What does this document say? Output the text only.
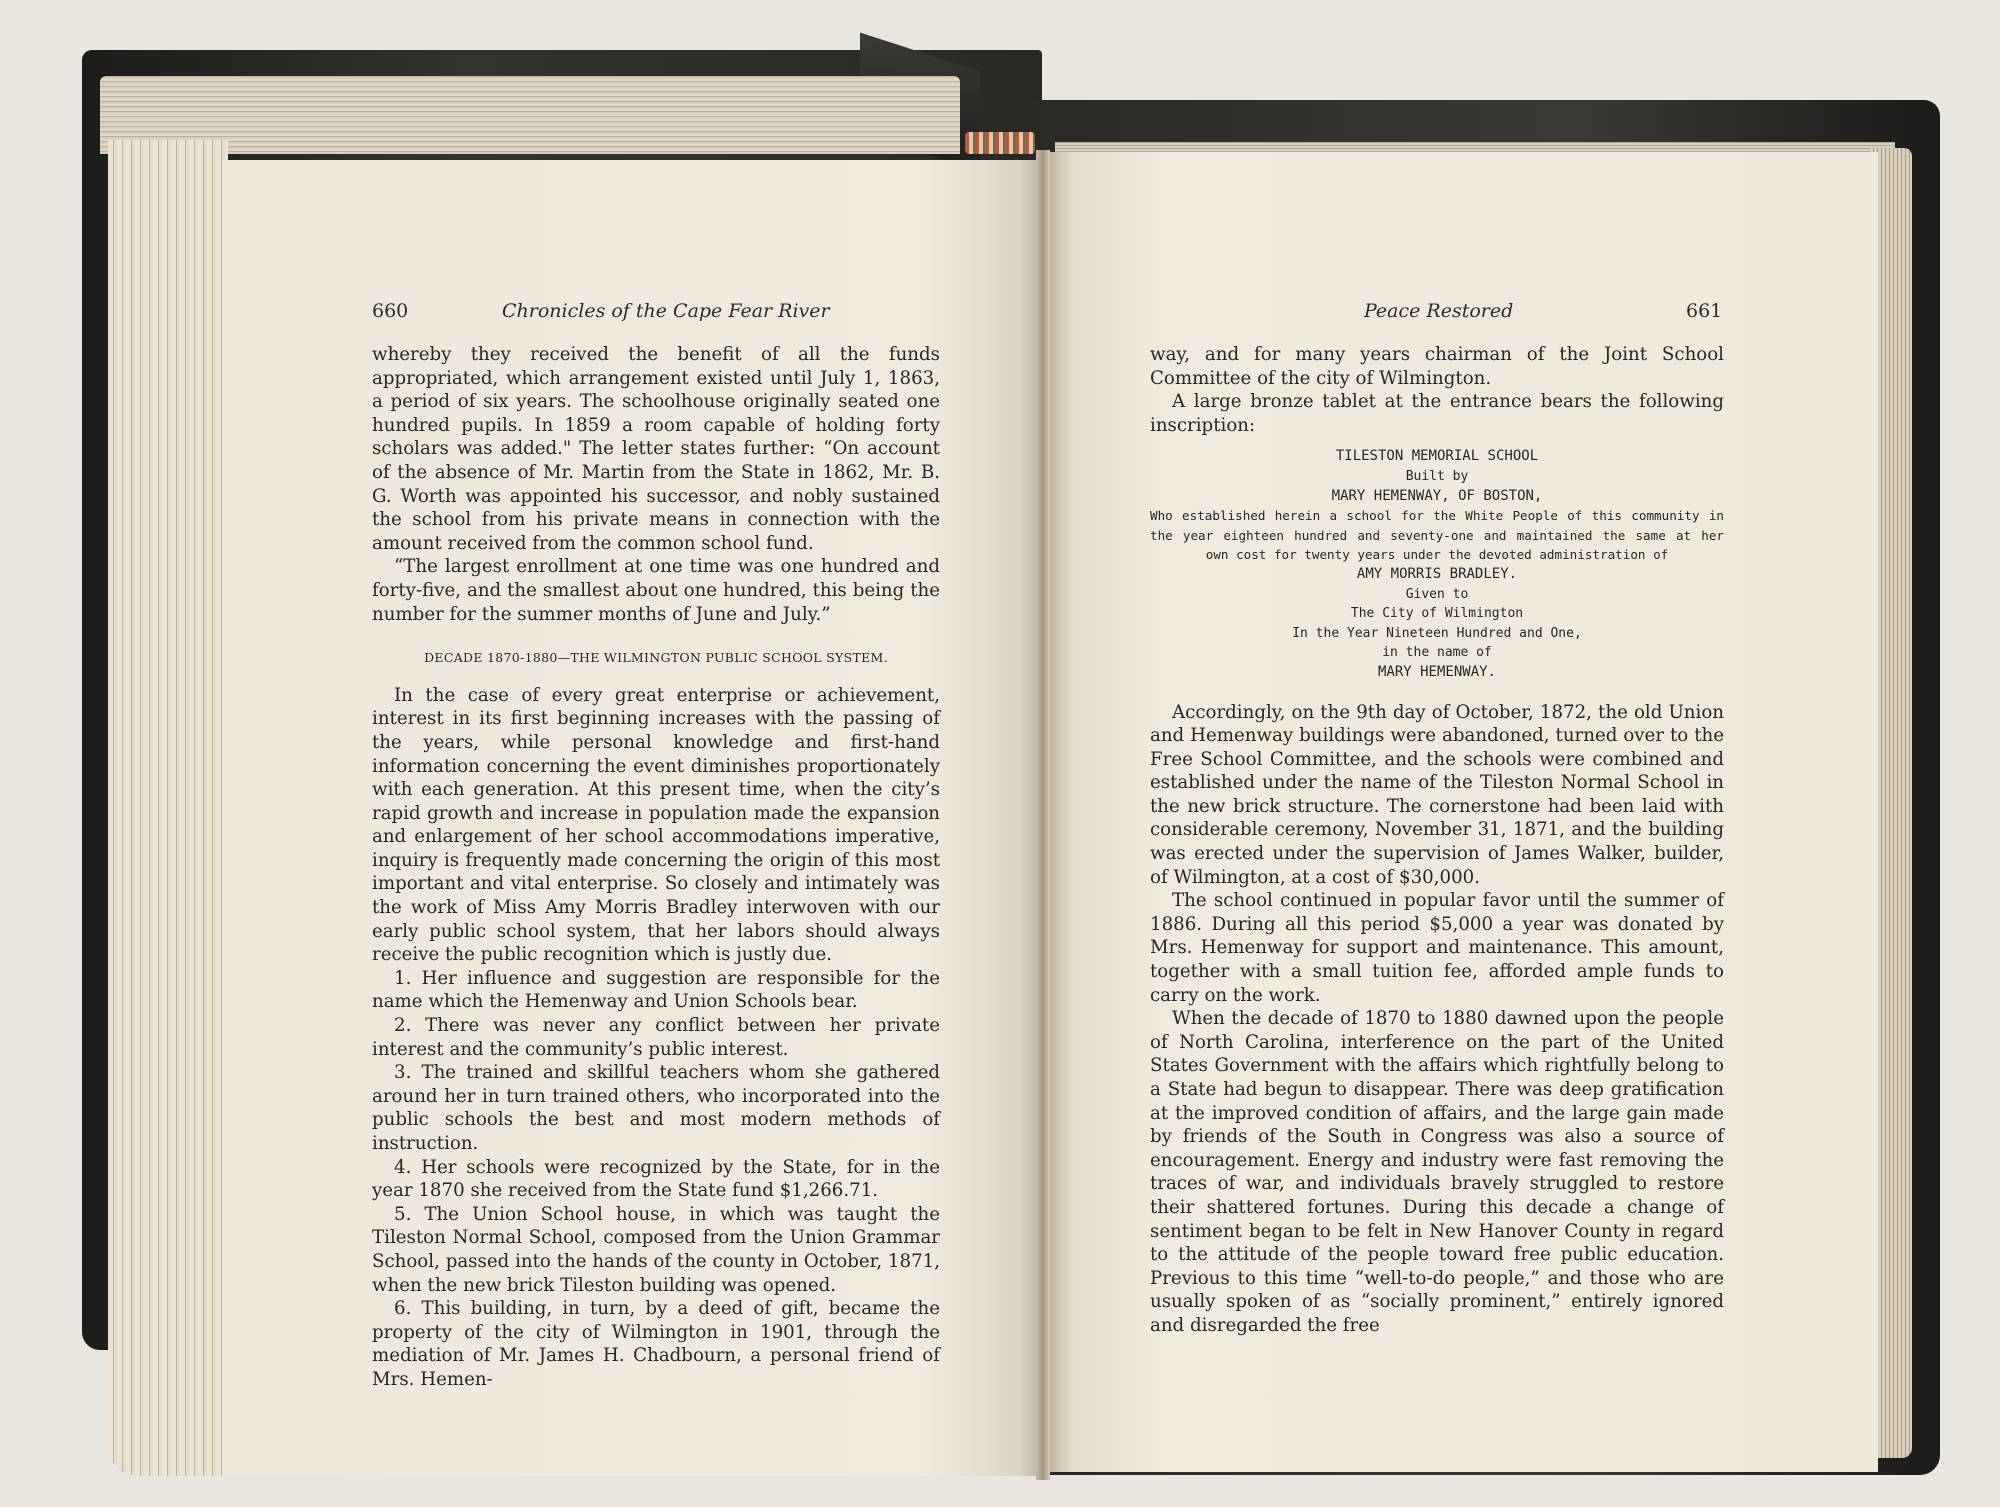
660	Chronicles of the Cape Fear River	Peace Restored	661

whereby they received the benefit of all the funds appropriated, which arrangement existed until July 1, 1863, a period of six years. The schoolhouse originally seated one hundred pupils. In 1859 a room capable of holding forty scholars was added." The letter states further: “On account of the absence of Mr. Martin from the State in 1862, Mr. B. G. Worth was appointed his successor, and nobly sustained the school from his private means in connection with the amount received from the common school fund.

“The largest enrollment at one time was one hundred and forty-five, and the smallest about one hundred, this being the number for the summer months of June and July.”

DECADE 1870-1880—THE WILMINGTON PUBLIC SCHOOL SYSTEM.

In the case of every great enterprise or achievement, interest in its first beginning increases with the passing of the years, while personal knowledge and first-hand information concerning the event diminishes proportionately with each generation. At this present time, when the city’s rapid growth and increase in population made the expansion and enlargement of her school accommodations imperative, inquiry is frequently made concerning the origin of this most important and vital enterprise. So closely and intimately was the work of Miss Amy Morris Bradley interwoven with our early public school system, that her labors should always receive the public recognition which is justly due.

1. Her influence and suggestion are responsible for the name which the Hemenway and Union Schools bear.

2. There was never any conflict between her private interest and the community’s public interest.

3. The trained and skillful teachers whom she gathered around her in turn trained others, who incorporated into the public schools the best and most modern methods of instruction.

4. Her schools were recognized by the State, for in the year 1870 she received from the State fund $1,266.71.

5. The Union School house, in which was taught the Tileston Normal School, composed from the Union Grammar School, passed into the hands of the county in October, 1871, when the new brick Tileston building was opened.

6. This building, in turn, by a deed of gift, became the property of the city of Wilmington in 1901, through the mediation of Mr. James H. Chadbourn, a personal friend of Mrs. Hemen-

way, and for many years chairman of the Joint School Committee of the city of Wilmington.

A large bronze tablet at the entrance bears the following inscription:

TILESTON MEMORIAL SCHOOL
Built by
MARY HEMENWAY, OF BOSTON,
Who established herein a school for the White People of this community in the year eighteen hundred and seventy-one and maintained the same at her own cost for twenty years under the devoted administration of
AMY MORRIS BRADLEY.
Given to
The City of Wilmington
In the Year Nineteen Hundred and One,
in the name of
MARY HEMENWAY.

Accordingly, on the 9th day of October, 1872, the old Union and Hemenway buildings were abandoned, turned over to the Free School Committee, and the schools were combined and established under the name of the Tileston Normal School in the new brick structure. The cornerstone had been laid with considerable ceremony, November 31, 1871, and the building was erected under the supervision of James Walker, builder, of Wilmington, at a cost of $30,000.

The school continued in popular favor until the summer of 1886. During all this period $5,000 a year was donated by Mrs. Hemenway for support and maintenance. This amount, together with a small tuition fee, afforded ample funds to carry on the work.

When the decade of 1870 to 1880 dawned upon the people of North Carolina, interference on the part of the United States Government with the affairs which rightfully belong to a State had begun to disappear. There was deep gratification at the improved condition of affairs, and the large gain made by friends of the South in Congress was also a source of encouragement. Energy and industry were fast removing the traces of war, and individuals bravely struggled to restore their shattered fortunes. During this decade a change of sentiment began to be felt in New Hanover County in regard to the attitude of the people toward free public education. Previous to this time “well-to-do people,” and those who are usually spoken of as “socially prominent,” entirely ignored and disregarded the free
